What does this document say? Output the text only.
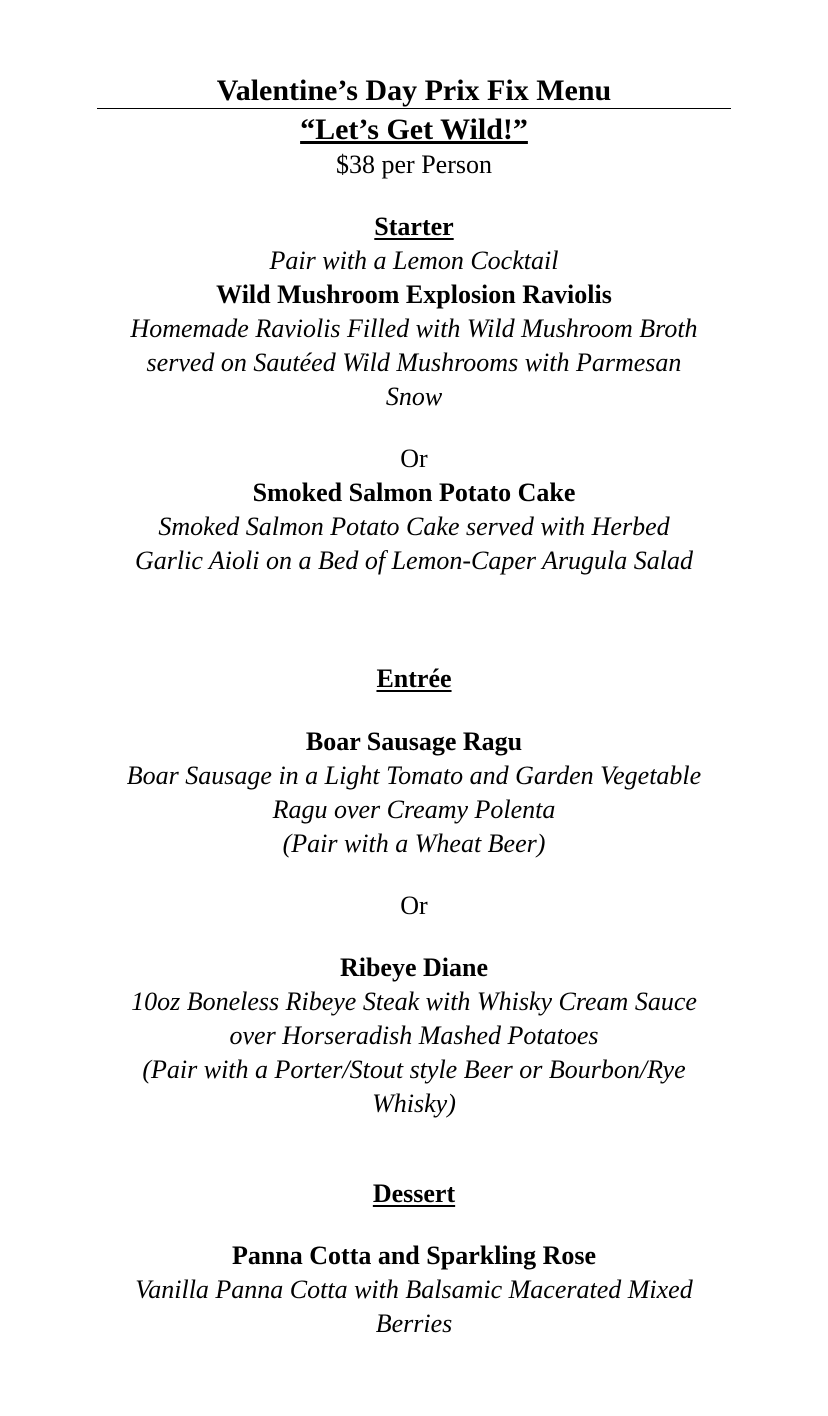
Valentine’s Day Prix Fix Menu
“Let’s Get Wild!”
$38 per Person
Starter
Pair with a Lemon Cocktail
Wild Mushroom Explosion Raviolis
Homemade Raviolis Filled with Wild Mushroom Broth
served on Sautéed Wild Mushrooms with Parmesan
Snow
Or
Smoked Salmon Potato Cake
Smoked Salmon Potato Cake served with Herbed
Garlic Aioli on a Bed of Lemon-Caper Arugula Salad
Entrée
Boar Sausage Ragu
Boar Sausage in a Light Tomato and Garden Vegetable
Ragu over Creamy Polenta
(Pair with a Wheat Beer)
Or
Ribeye Diane
10oz Boneless Ribeye Steak with Whisky Cream Sauce
over Horseradish Mashed Potatoes
(Pair with a Porter/Stout style Beer or Bourbon/Rye
Whisky)
Dessert
Panna Cotta and Sparkling Rose
Vanilla Panna Cotta with Balsamic Macerated Mixed
Berries
